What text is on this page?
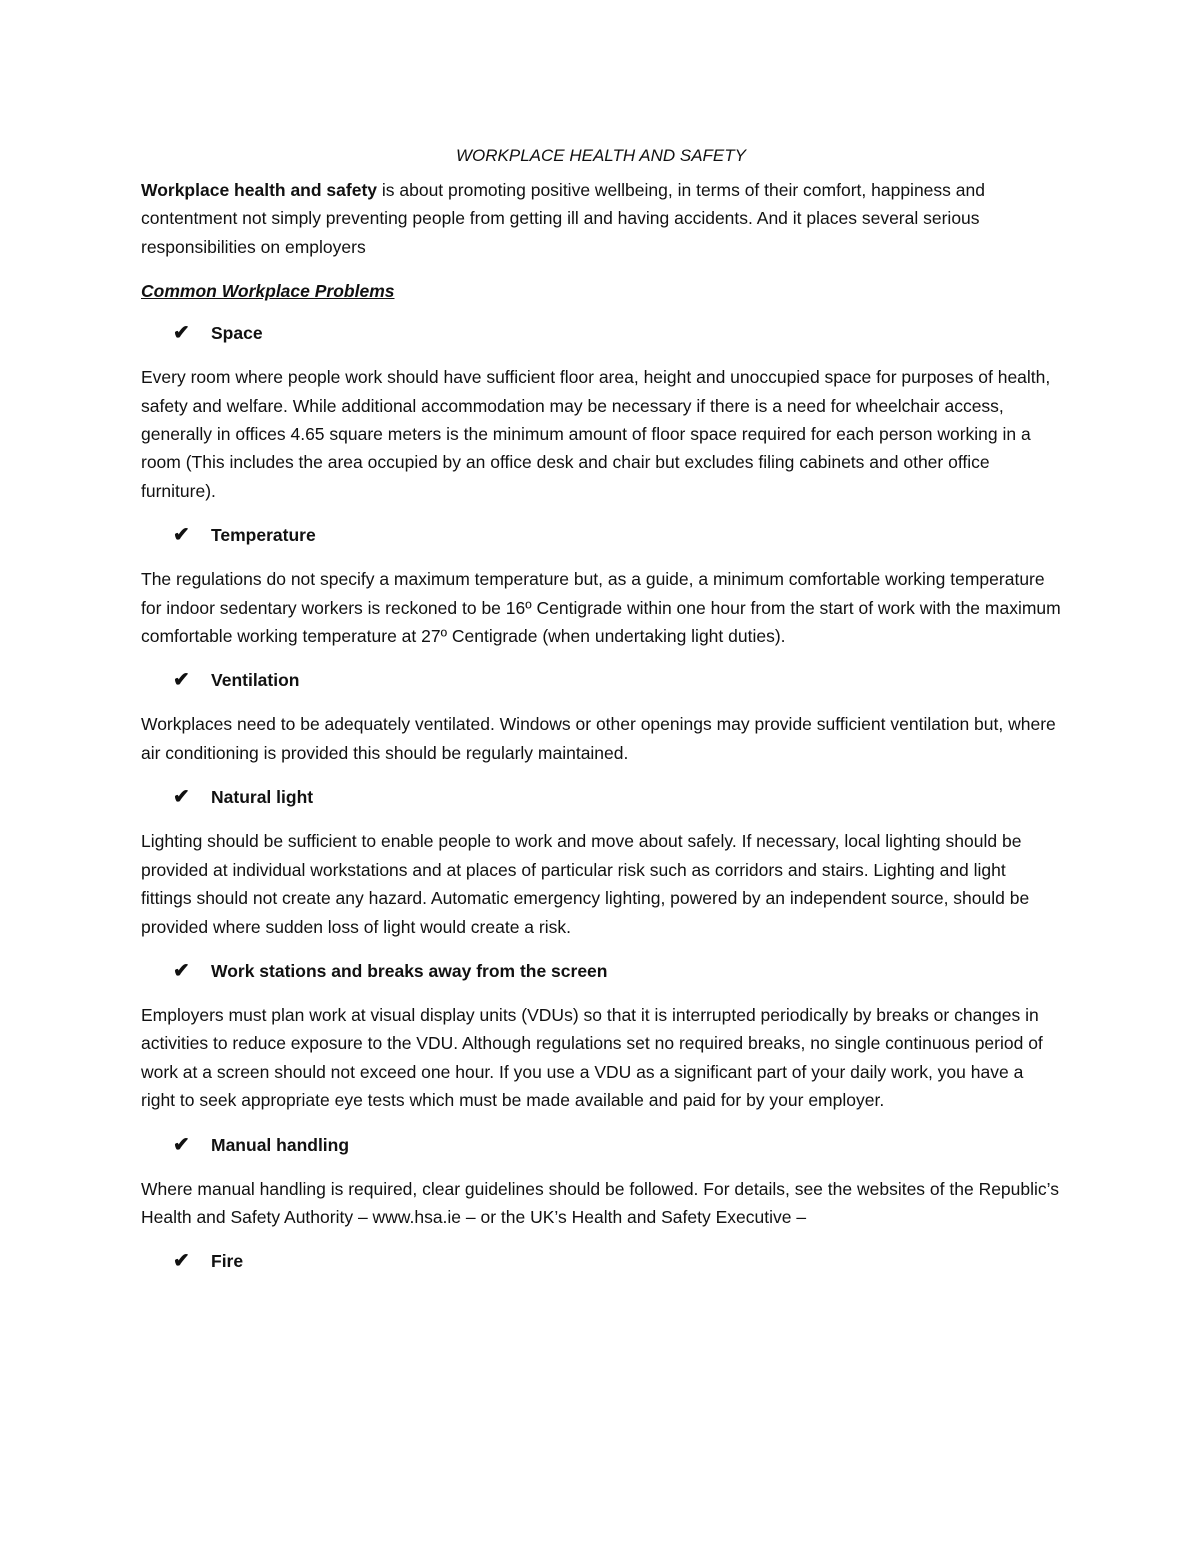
WORKPLACE HEALTH AND SAFETY

Workplace health and safety is about promoting positive wellbeing, in terms of their comfort, happiness and contentment not simply preventing people from getting ill and having accidents. And it places several serious responsibilities on employers

Common Workplace Problems
✔	Space

Every room where people work should have sufficient floor area, height and unoccupied space for purposes of health, safety and welfare. While additional accommodation may be necessary if there is a need for wheelchair access, generally in offices 4.65 square meters is the minimum amount of floor space required for each person working in a room (This includes the area occupied by an office desk and chair but excludes filing cabinets and other office furniture).

✔	Temperature

The regulations do not specify a maximum temperature but, as a guide, a minimum comfortable working temperature for indoor sedentary workers is reckoned to be 16º Centigrade within one hour from the start of work with the maximum comfortable working temperature at 27º Centigrade (when undertaking light duties).

✔	Ventilation

Workplaces need to be adequately ventilated. Windows or other openings may provide sufficient ventilation but, where air conditioning is provided this should be regularly maintained.

✔	Natural light

Lighting should be sufficient to enable people to work and move about safely. If necessary, local lighting should be provided at individual workstations and at places of particular risk such as corridors and stairs. Lighting and light fittings should not create any hazard. Automatic emergency lighting, powered by an independent source, should be provided where sudden loss of light would create a risk.

✔	Work stations and breaks away from the screen

Employers must plan work at visual display units (VDUs) so that it is interrupted periodically by breaks or changes in activities to reduce exposure to the VDU. Although regulations set no required breaks, no single continuous period of work at a screen should not exceed one hour. If you use a VDU as a significant part of your daily work, you have a right to seek appropriate eye tests which must be made available and paid for by your employer.

✔	Manual handling

Where manual handling is required, clear guidelines should be followed. For details, see the websites of the Republic’s Health and Safety Authority – www.hsa.ie – or the UK’s Health and Safety Executive –

✔	Fire
